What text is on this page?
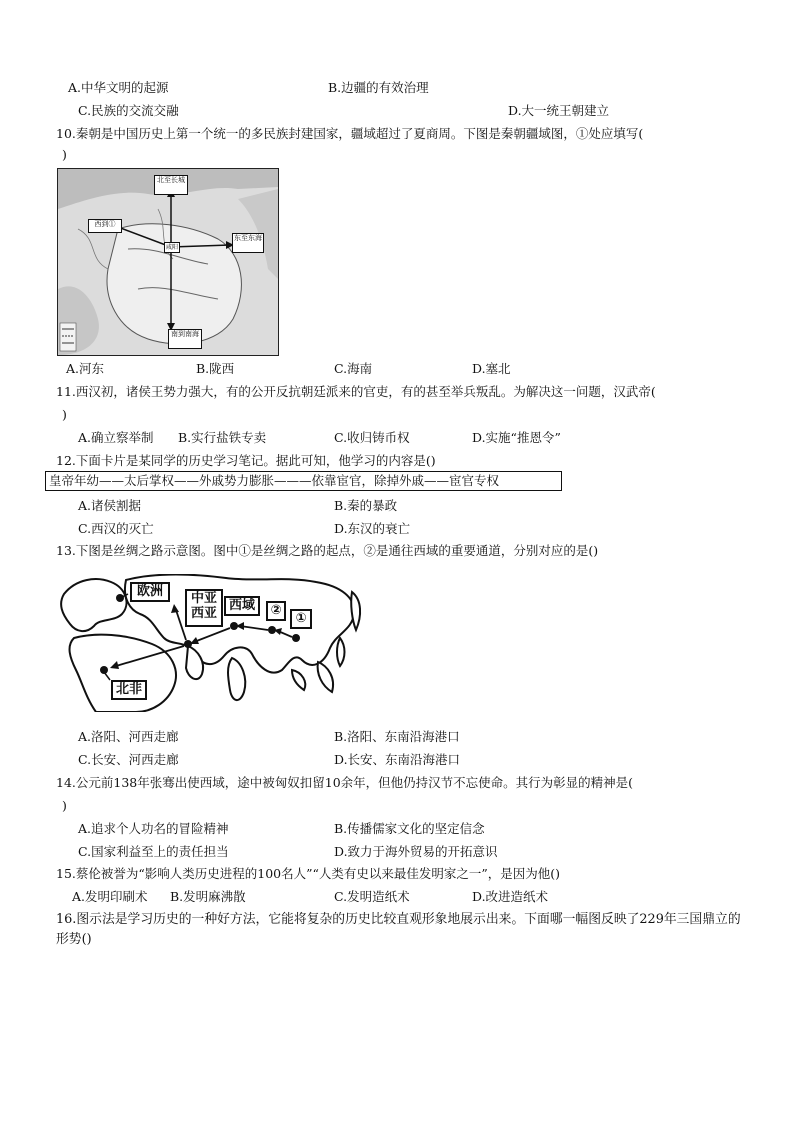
A.中华文明的起源	B.边疆的有效治理
C.民族的交流交融	D.大一统王朝建立
10.秦朝是中国历史上第一个统一的多民族封建国家，疆域超过了夏商周。下图是秦朝疆域图，①处应填写(
)
北至长城
西到①
东至东海
咸阳
南到南海
A.河东	B.陇西	C.海南	D.塞北
11.西汉初，诸侯王势力强大，有的公开反抗朝廷派来的官吏，有的甚至举兵叛乱。为解决这一问题，汉武帝(
)
A.确立察举制 B.实行盐铁专卖	C.收归铸币权	D.实施“推恩令”
12.下面卡片是某同学的历史学习笔记。据此可知，他学习的内容是()
皇帝年幼——太后掌权——外戚势力膨胀———依靠宦官，除掉外戚——宦官专权
A.诸侯割据	B.秦的暴政
C.西汉的灭亡	D.东汉的衰亡
13.下图是丝绸之路示意图。图中①是丝绸之路的起点，②是通往西域的重要通道，分别对应的是()
欧洲	中亚
西亚
西域	②
①
北非
A.洛阳、河西走廊	B.洛阳、东南沿海港口
C.长安、河西走廊	D.长安、东南沿海港口
14.公元前138年张骞出使西域，途中被匈奴扣留10余年，但他仍持汉节不忘使命。其行为彰显的精神是(
)
A.追求个人功名的冒险精神	B.传播儒家文化的坚定信念
C.国家利益至上的责任担当	D.致力于海外贸易的开拓意识
15.蔡伦被誉为“影响人类历史进程的100名人”“人类有史以来最佳发明家之一”，是因为他()
A.发明印刷术 B.发明麻沸散	C.发明造纸术	D.改进造纸术
16.图示法是学习历史的一种好方法，它能将复杂的历史比较直观形象地展示出来。下面哪一幅图反映了229年三国鼎立的形势()
